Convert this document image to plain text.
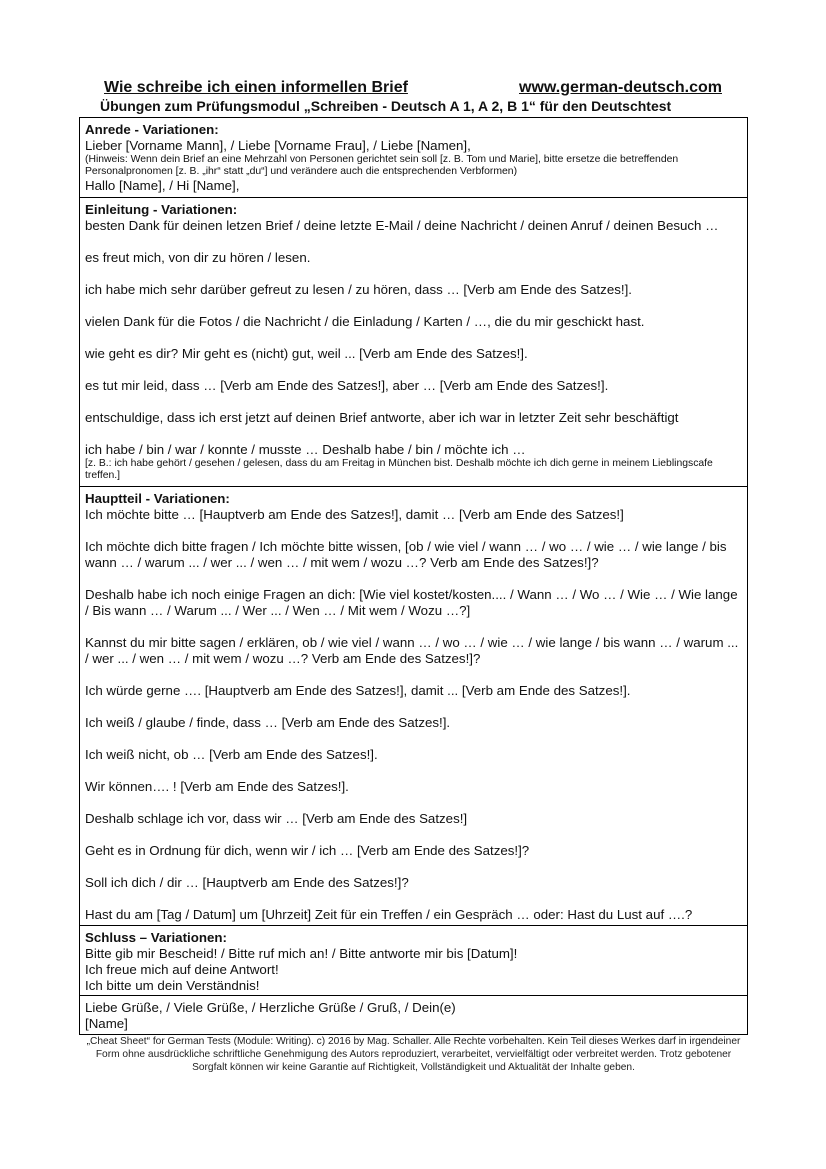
Wie schreibe ich einen informellen Brief	www.german-deutsch.com
Übungen zum Prüfungsmodul „Schreiben - Deutsch A 1, A 2, B 1“ für den Deutschtest
Anrede - Variationen:
Lieber [Vorname Mann], / Liebe [Vorname Frau], / Liebe [Namen],
(Hinweis: Wenn dein Brief an eine Mehrzahl von Personen gerichtet sein soll [z. B. Tom und Marie], bitte ersetze die betreffenden Personalpronomen [z. B. „ihr“ statt „du“] und verändere auch die entsprechenden Verbformen)
Hallo [Name], / Hi [Name],
Einleitung - Variationen:
besten Dank für deinen letzen Brief / deine letzte E-Mail / deine Nachricht / deinen Anruf / deinen Besuch …
es freut mich, von dir zu hören / lesen.
ich habe mich sehr darüber gefreut zu lesen / zu hören, dass … [Verb am Ende des Satzes!].
vielen Dank für die Fotos / die Nachricht / die Einladung / Karten / …, die du mir geschickt hast.
wie geht es dir? Mir geht es (nicht) gut, weil ... [Verb am Ende des Satzes!].
es tut mir leid, dass … [Verb am Ende des Satzes!], aber … [Verb am Ende des Satzes!].
entschuldige, dass ich erst jetzt auf deinen Brief antworte, aber ich war in letzter Zeit sehr beschäftigt
ich habe / bin / war / konnte / musste … Deshalb habe / bin / möchte ich …
[z. B.: ich habe gehört / gesehen / gelesen, dass du am Freitag in München bist. Deshalb möchte ich dich gerne in meinem Lieblingscafe treffen.]
Hauptteil - Variationen:
Ich möchte bitte … [Hauptverb am Ende des Satzes!], damit … [Verb am Ende des Satzes!]
Ich möchte dich bitte fragen / Ich möchte bitte wissen, [ob / wie viel / wann … / wo … / wie … / wie lange / bis wann … / warum ... / wer ... / wen … / mit wem / wozu …? Verb am Ende des Satzes!]?
Deshalb habe ich noch einige Fragen an dich: [Wie viel kostet/kosten.... / Wann … / Wo … / Wie … / Wie lange / Bis wann … / Warum ... / Wer ... / Wen … / Mit wem / Wozu …?]
Kannst du mir bitte sagen / erklären, ob / wie viel / wann … / wo … / wie … / wie lange / bis wann … / warum ... / wer ... / wen … / mit wem / wozu …? Verb am Ende des Satzes!]?
Ich würde gerne …. [Hauptverb am Ende des Satzes!], damit ... [Verb am Ende des Satzes!].
Ich weiß / glaube / finde, dass … [Verb am Ende des Satzes!].
Ich weiß nicht, ob … [Verb am Ende des Satzes!].
Wir können…. ! [Verb am Ende des Satzes!].
Deshalb schlage ich vor, dass wir … [Verb am Ende des Satzes!]
Geht es in Ordnung für dich, wenn wir / ich … [Verb am Ende des Satzes!]?
Soll ich dich / dir … [Hauptverb am Ende des Satzes!]?
Hast du am [Tag / Datum] um [Uhrzeit] Zeit für ein Treffen / ein Gespräch … oder: Hast du Lust auf ….?
Schluss – Variationen:
Bitte gib mir Bescheid! / Bitte ruf mich an! / Bitte antworte mir bis [Datum]!
Ich freue mich auf deine Antwort!
Ich bitte um dein Verständnis!
Liebe Grüße, / Viele Grüße, / Herzliche Grüße / Gruß, / Dein(e)
[Name]
„Cheat Sheet“ for German Tests (Module: Writing). c) 2016 by Mag. Schaller. Alle Rechte vorbehalten. Kein Teil dieses Werkes darf in irgendeiner Form ohne ausdrückliche schriftliche Genehmigung des Autors reproduziert, verarbeitet, vervielfältigt oder verbreitet werden. Trotz gebotener Sorgfalt können wir keine Garantie auf Richtigkeit, Vollständigkeit und Aktualität der Inhalte geben.
